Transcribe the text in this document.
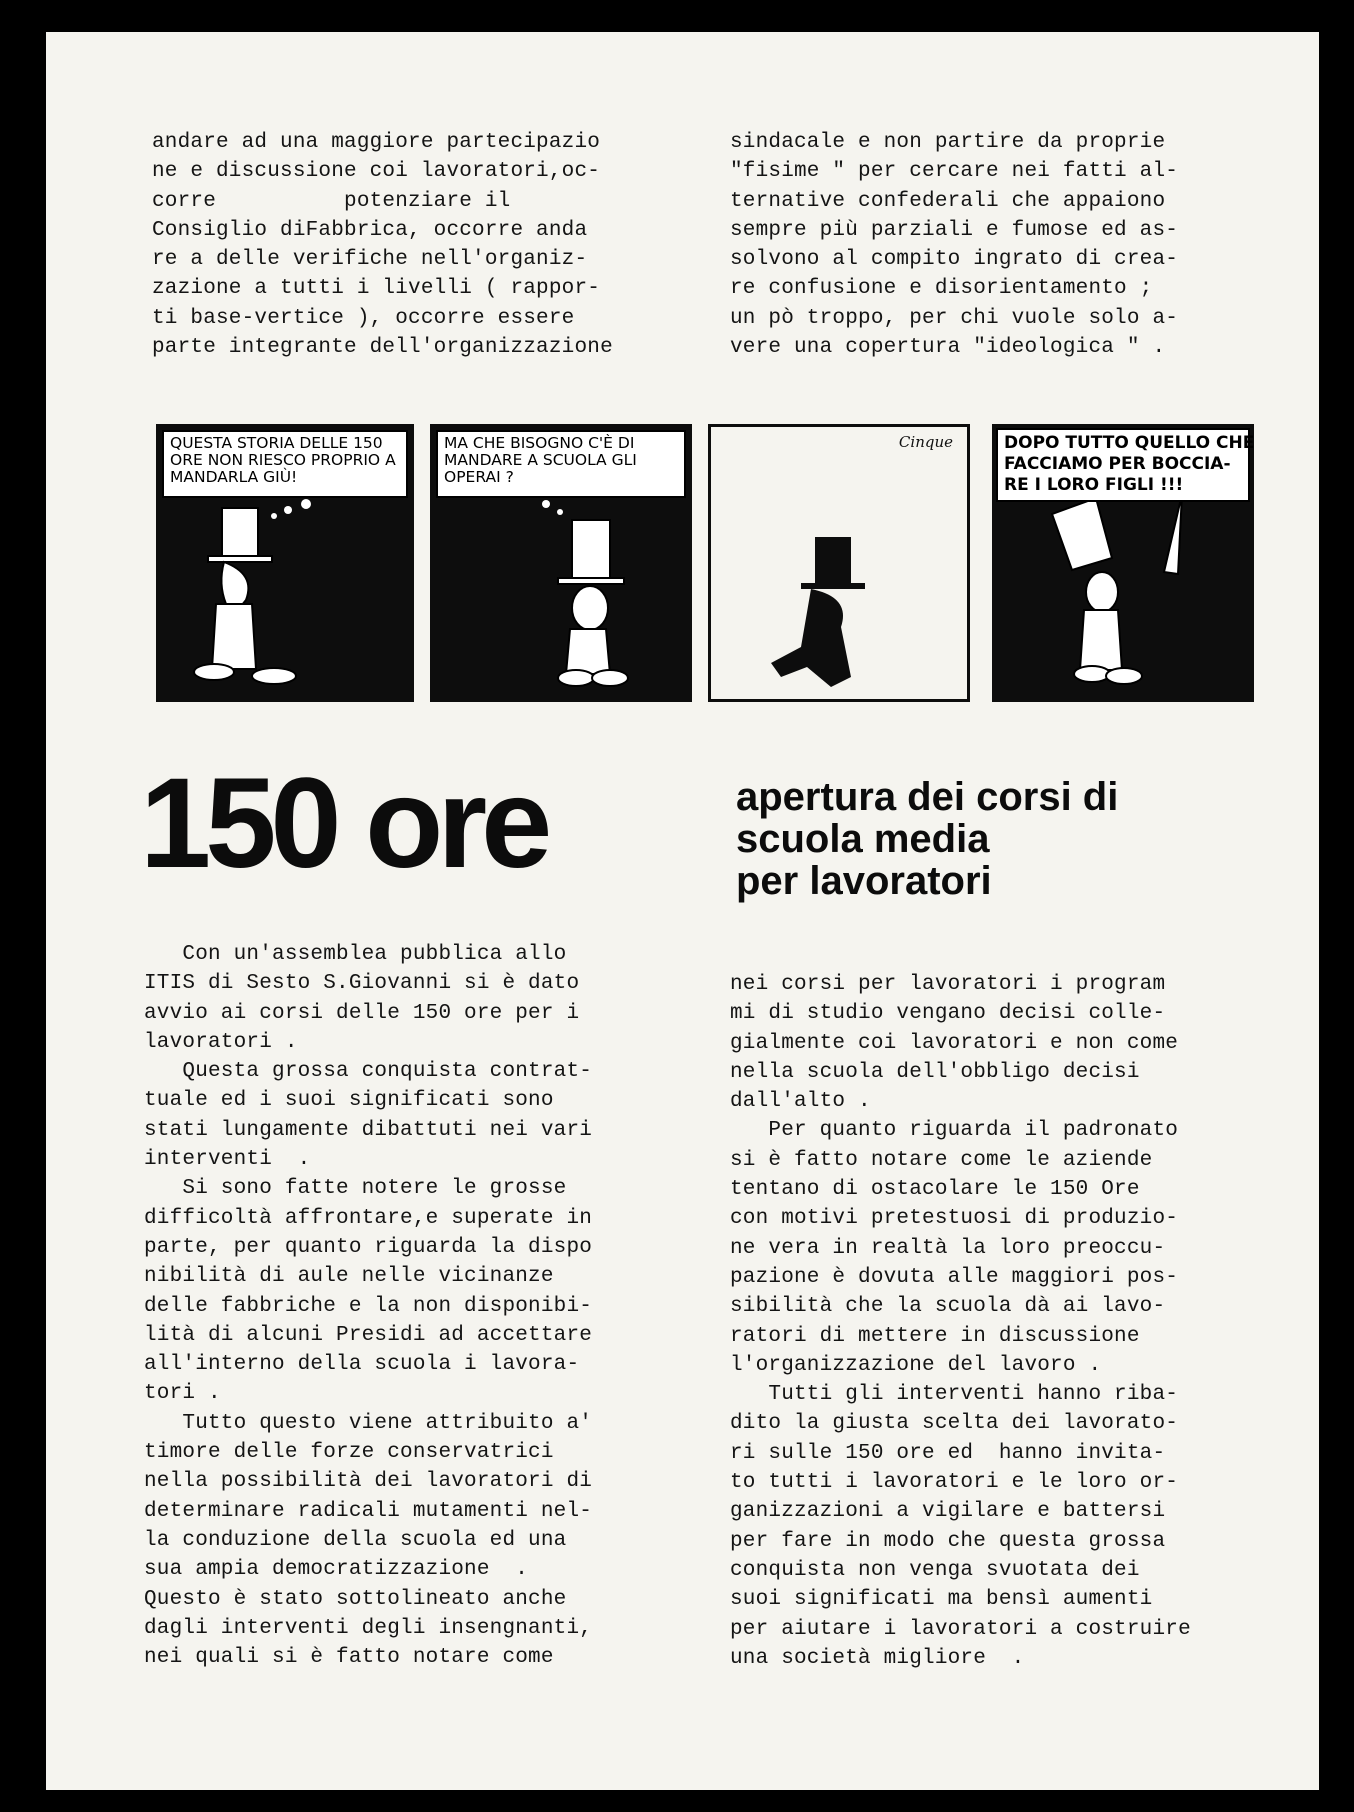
andare ad una maggiore partecipazio

ne e discussione coi lavoratori,oc-

corre          potenziare il

Consiglio diFabbrica, occorre anda

re a delle verifiche nell'organiz-

zazione a tutti i livelli ( rappor-

ti base-vertice ), occorre essere

parte integrante dell'organizzazione

sindacale e non partire da proprie

"fisime " per cercare nei fatti al-

ternative confederali che appaiono

sempre più parziali e fumose ed as-

solvono al compito ingrato di crea-

re confusione e disorientamento ;

un pò troppo, per chi vuole solo a-

vere una copertura "ideologica " .

QUESTA STORIA DELLE 150

ORE NON RIESCO PROPRIO A

MANDARLA GIÙ!

MA CHE BISOGNO C'È DI

MANDARE A SCUOLA GLI

OPERAI ?

Cinque	DOPO TUTTO QUELLO CHE

FACCIAMO PER BOCCIA-

RE I LORO FIGLI !!!

150 ore	apertura dei corsi di

scuola media

per lavoratori

Con un'assemblea pubblica allo

ITIS di Sesto S.Giovanni si è dato

avvio ai corsi delle 150 ore per i

lavoratori .

Questa grossa conquista contrat-

tuale ed i suoi significati sono

stati lungamente dibattuti nei vari

interventi  .

Si sono fatte notere le grosse

difficoltà affrontare,e superate in

parte, per quanto riguarda la dispo

nibilità di aule nelle vicinanze

delle fabbriche e la non disponibi-

lità di alcuni Presidi ad accettare

all'interno della scuola i lavora-

tori .

Tutto questo viene attribuito a'

timore delle forze conservatrici

nella possibilità dei lavoratori di

determinare radicali mutamenti nel-

la conduzione della scuola ed una

sua ampia democratizzazione  .

Questo è stato sottolineato anche

dagli interventi degli insengnanti,

nei quali si è fatto notare come

nei corsi per lavoratori i program

mi di studio vengano decisi colle-

gialmente coi lavoratori e non come

nella scuola dell'obbligo decisi

dall'alto .

Per quanto riguarda il padronato

si è fatto notare come le aziende

tentano di ostacolare le 150 Ore

con motivi pretestuosi di produzio-

ne vera in realtà la loro preoccu-

pazione è dovuta alle maggiori pos-

sibilità che la scuola dà ai lavo-

ratori di mettere in discussione

l'organizzazione del lavoro .

Tutti gli interventi hanno riba-

dito la giusta scelta dei lavorato-

ri sulle 150 ore ed  hanno invita-

to tutti i lavoratori e le loro or-

ganizzazioni a vigilare e battersi

per fare in modo che questa grossa

conquista non venga svuotata dei

suoi significati ma bensì aumenti

per aiutare i lavoratori a costruire

una società migliore  .
